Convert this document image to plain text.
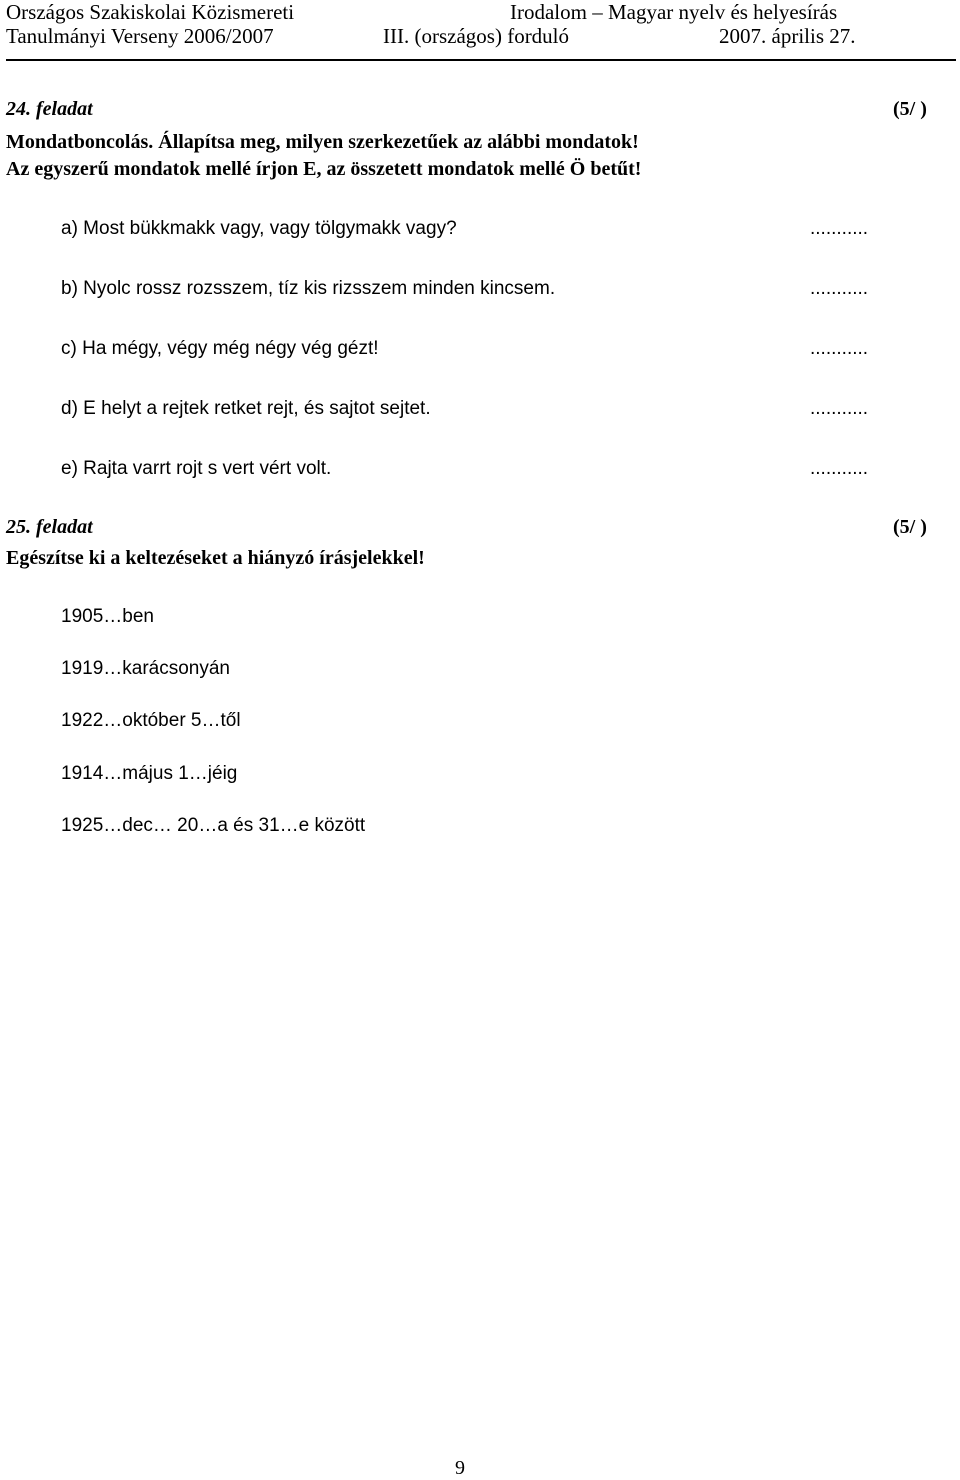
Országos Szakiskolai Közismereti
Tanulmányi Verseny 2006/2007
Irodalom – Magyar nyelv és helyesírás
III. (országos) forduló	2007. április 27.
24. feladat	(5/ )
Mondatboncolás. Állapítsa meg, milyen szerkezetűek az alábbi mondatok!
Az egyszerű mondatok mellé írjon E, az összetett mondatok mellé Ö betűt!
a) Most bükkmakk vagy, vagy tölgymakk vagy?	...........
b) Nyolc rossz rozsszem, tíz kis rizsszem minden kincsem.	...........
c) Ha mégy, végy még négy vég gézt!	...........
d) E helyt a rejtek retket rejt, és sajtot sejtet.	...........
e) Rajta varrt rojt s vert vért volt.	...........
25. feladat	(5/ )
Egészítse ki a keltezéseket a hiányzó írásjelekkel!
1905…ben
1919…karácsonyán
1922…október 5…től
1914…május 1…jéig
1925…dec… 20…a és 31…e között
9
